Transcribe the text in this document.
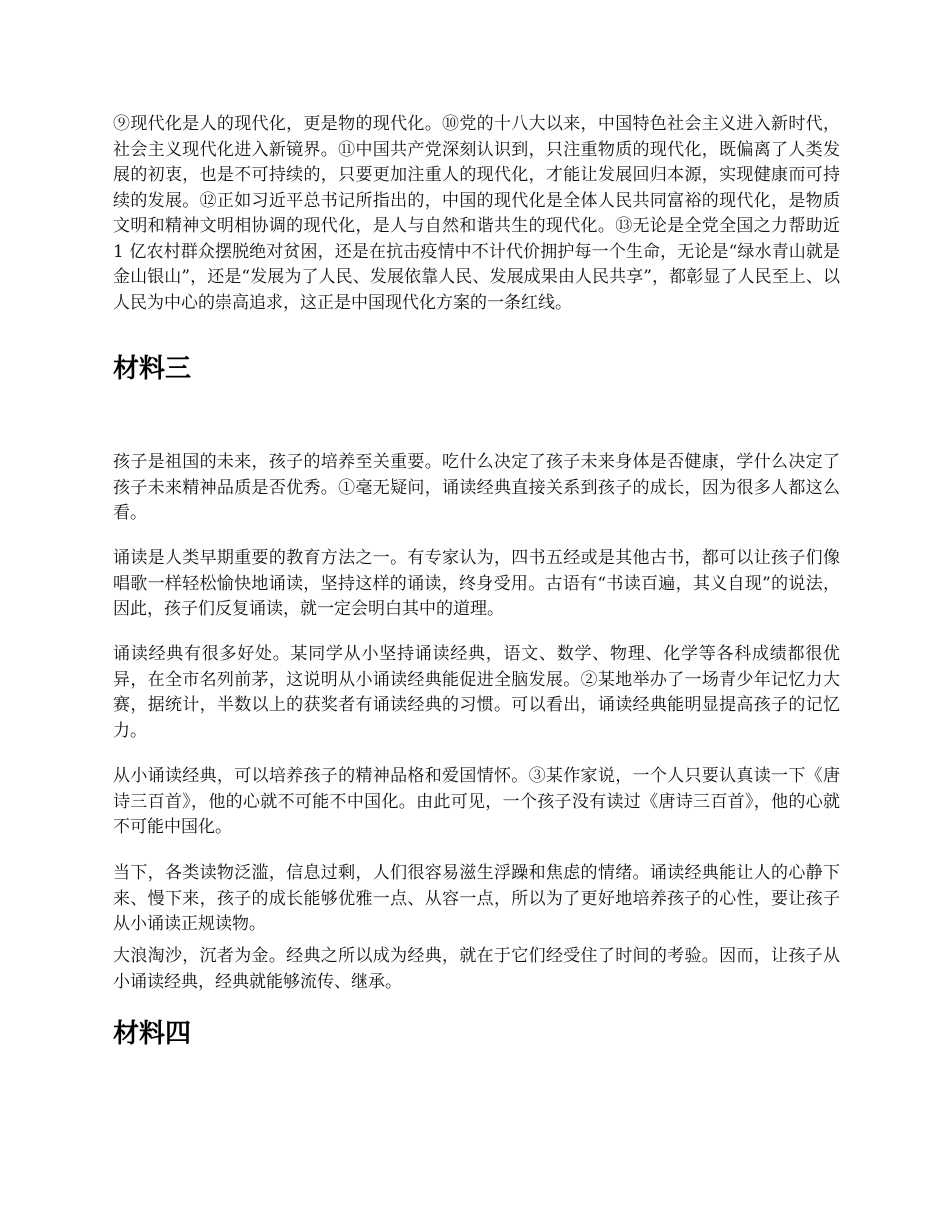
⑨现代化是人的现代化，更是物的现代化。⑩党的十八大以来，中国特色社会主义进入新时代，社会主义现代化进入新镜界。⑪中国共产党深刻认识到，只注重物质的现代化，既偏离了人类发展的初衷，也是不可持续的，只要更加注重人的现代化，才能让发展回归本源，实现健康而可持续的发展。⑫正如习近平总书记所指出的，中国的现代化是全体人民共同富裕的现代化，是物质文明和精神文明相协调的现代化，是人与自然和谐共生的现代化。⑬无论是全党全国之力帮助近 1 亿农村群众摆脱绝对贫困，还是在抗击疫情中不计代价拥护每一个生命，无论是“绿水青山就是金山银山”，还是“发展为了人民、发展依靠人民、发展成果由人民共享”，都彰显了人民至上、以人民为中心的崇高追求，这正是中国现代化方案的一条红线。

材料三

孩子是祖国的未来，孩子的培养至关重要。吃什么决定了孩子未来身体是否健康，学什么决定了孩子未来精神品质是否优秀。①毫无疑问，诵读经典直接关系到孩子的成长，因为很多人都这么看。

诵读是人类早期重要的教育方法之一。有专家认为，四书五经或是其他古书，都可以让孩子们像唱歌一样轻松愉快地诵读，坚持这样的诵读，终身受用。古语有“书读百遍，其义自现”的说法，因此，孩子们反复诵读，就一定会明白其中的道理。

诵读经典有很多好处。某同学从小坚持诵读经典，语文、数学、物理、化学等各科成绩都很优异，在全市名列前茅，这说明从小诵读经典能促进全脑发展。②某地举办了一场青少年记忆力大赛，据统计，半数以上的获奖者有诵读经典的习惯。可以看出，诵读经典能明显提高孩子的记忆力。

从小诵读经典，可以培养孩子的精神品格和爱国情怀。③某作家说，一个人只要认真读一下《唐诗三百首》，他的心就不可能不中国化。由此可见，一个孩子没有读过《唐诗三百首》，他的心就不可能中国化。

当下，各类读物泛滥，信息过剩，人们很容易滋生浮躁和焦虑的情绪。诵读经典能让人的心静下来、慢下来，孩子的成长能够优雅一点、从容一点，所以为了更好地培养孩子的心性，要让孩子从小诵读正规读物。

大浪淘沙，沉者为金。经典之所以成为经典，就在于它们经受住了时间的考验。因而，让孩子从小诵读经典，经典就能够流传、继承。

材料四
